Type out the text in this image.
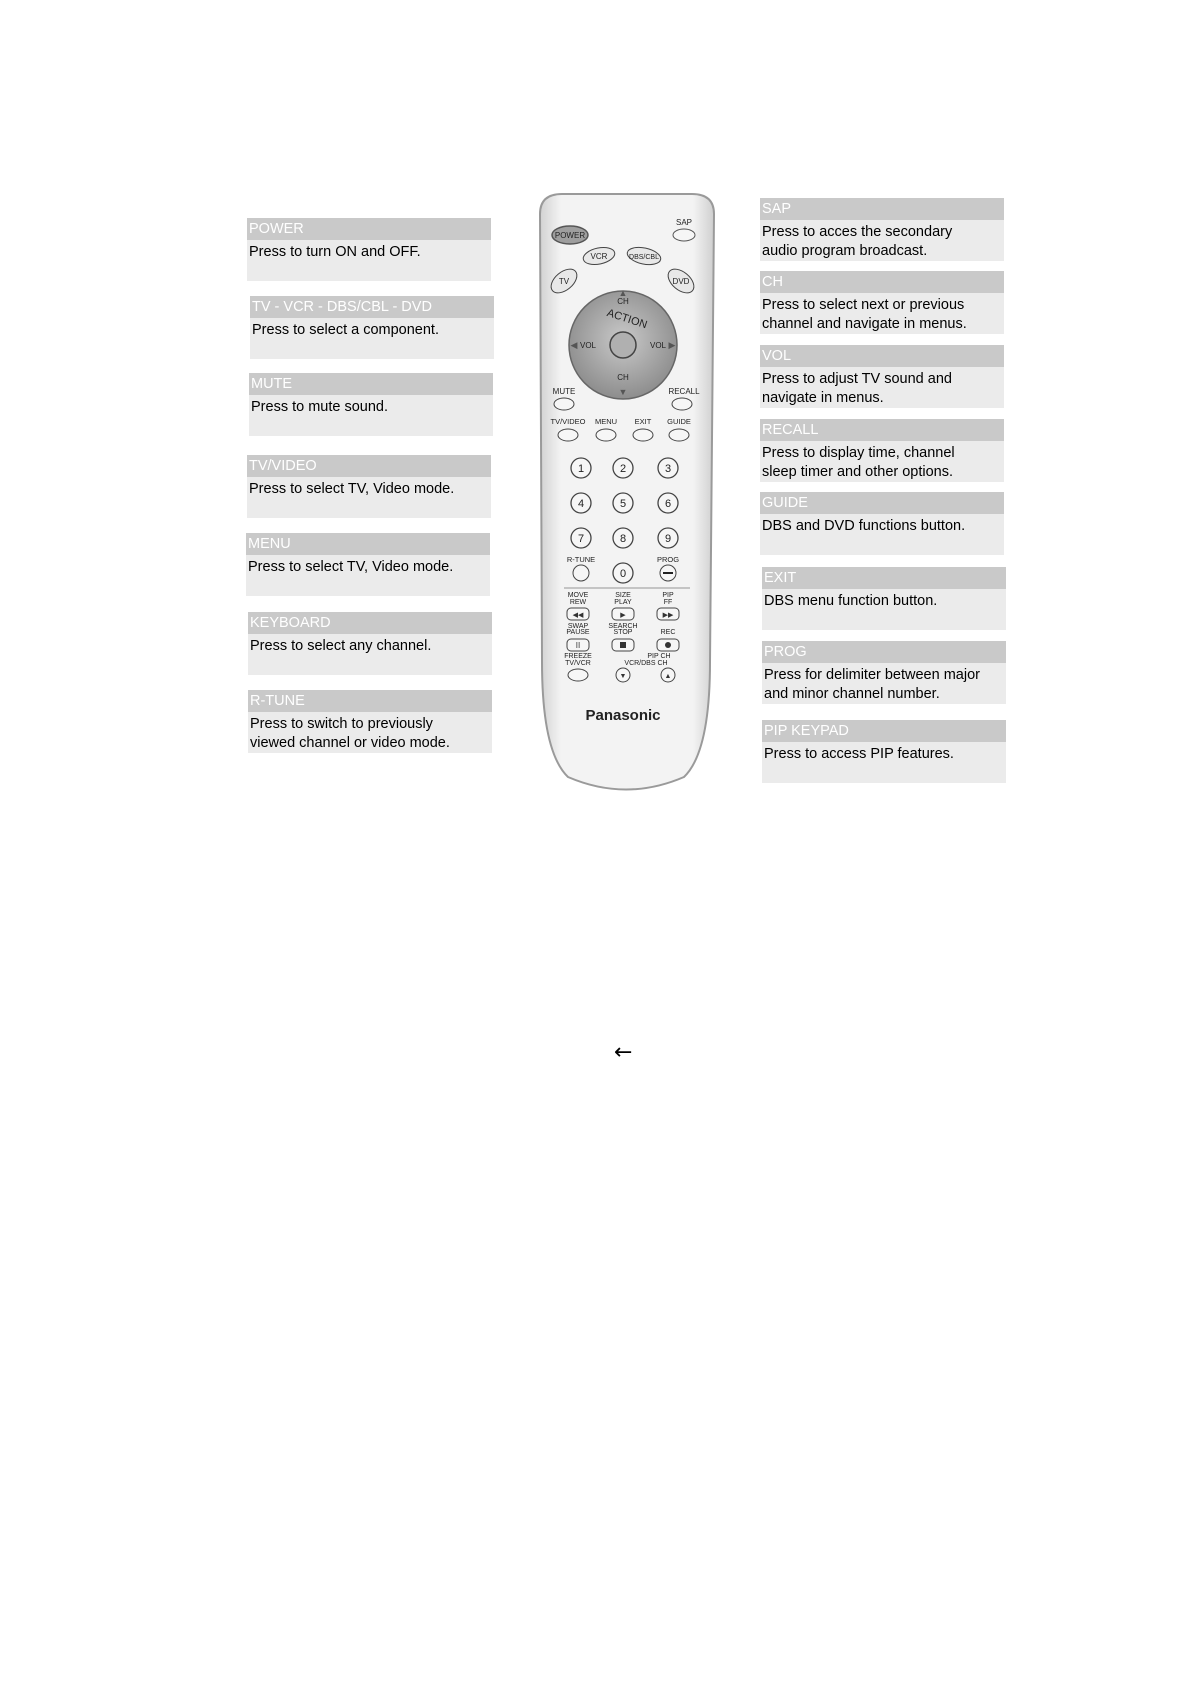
POWER
Press to turn ON and OFF.
TV - VCR - DBS/CBL - DVD
Press to select a component.
MUTE
Press to mute sound.
TV/VIDEO
Press to select TV, Video mode.
MENU
Press to select TV, Video mode.
KEYBOARD
Press to select any channel.
R-TUNE
Press to switch to previously
viewed channel or video mode.
SAP
Press to acces the secondary
audio program broadcast.
CH
Press to select next or previous
channel and navigate in menus.
VOL
Press to adjust TV sound and
navigate in menus.
RECALL
Press to display time, channel
sleep timer and other options.
GUIDE
DBS and DVD functions button.
EXIT
DBS menu function button.
PROG
Press for delimiter between major
and minor channel number.
PIP KEYPAD
Press to access PIP features.
POWER
SAP
TV
VCR	DBS/CBL
DVD
CH
CH
VOL	VOL
ACTION
▲
▼
◀	▶
MUTE	RECALL
TV/VIDEO MENU EXIT GUIDE
1	2	3
4	5	6
7	8	9
0
R-TUNE	PROG
MOVE
REW
SIZE
PLAY
PIP
FF
◀◀	▶	▶▶
SWAP
PAUSE
SEARCH
STOP	REC
II
FREEZE
TV/VCR
PIP CH
VCR/DBS CH
▼	▲
Panasonic
←
